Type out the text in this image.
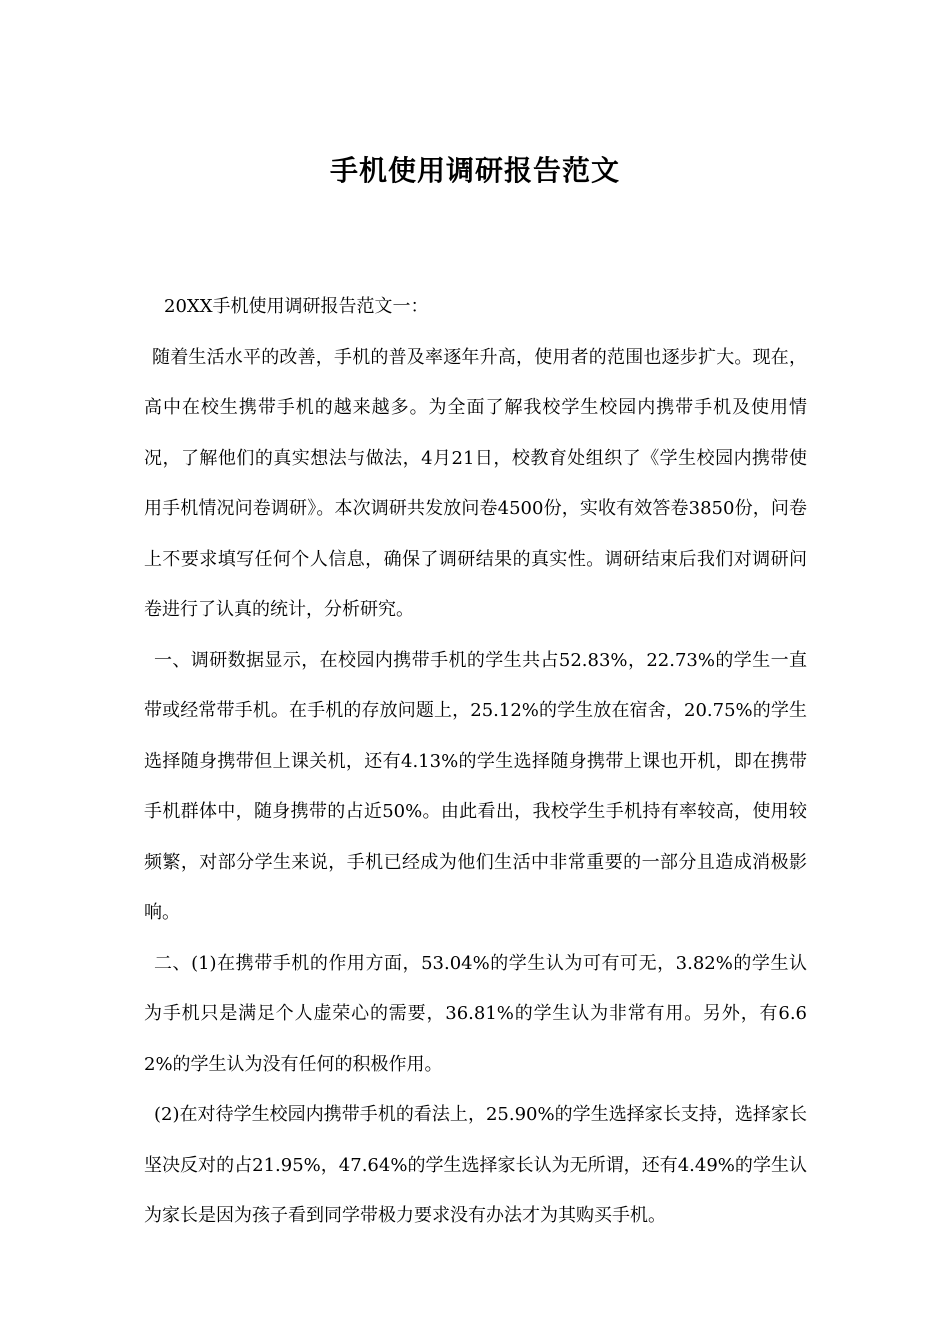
手机使用调研报告范文

20XX手机使用调研报告范文一：

随着生活水平的改善，手机的普及率逐年升高，使用者的范围也逐步扩大。现在，高中在校生携带手机的越来越多。为全面了解我校学生校园内携带手机及使用情况，了解他们的真实想法与做法，4月21日，校教育处组织了《学生校园内携带使用手机情况问卷调研》。本次调研共发放问卷4500份，实收有效答卷3850份，问卷上不要求填写任何个人信息，确保了调研结果的真实性。调研结束后我们对调研问卷进行了认真的统计，分析研究。

一、调研数据显示，在校园内携带手机的学生共占52.83%，22.73%的学生一直带或经常带手机。在手机的存放问题上，25.12%的学生放在宿舍，20.75%的学生选择随身携带但上课关机，还有4.13%的学生选择随身携带上课也开机，即在携带手机群体中，随身携带的占近50%。由此看出，我校学生手机持有率较高，使用较频繁，对部分学生来说，手机已经成为他们生活中非常重要的一部分且造成消极影响。

二、(1)在携带手机的作用方面，53.04%的学生认为可有可无，3.82%的学生认为手机只是满足个人虚荣心的需要，36.81%的学生认为非常有用。另外，有6.62%的学生认为没有任何的积极作用。

(2)在对待学生校园内携带手机的看法上，25.90%的学生选择家长支持，选择家长坚决反对的占21.95%，47.64%的学生选择家长认为无所谓，还有4.49%的学生认为家长是因为孩子看到同学带极力要求没有办法才为其购买手机。
